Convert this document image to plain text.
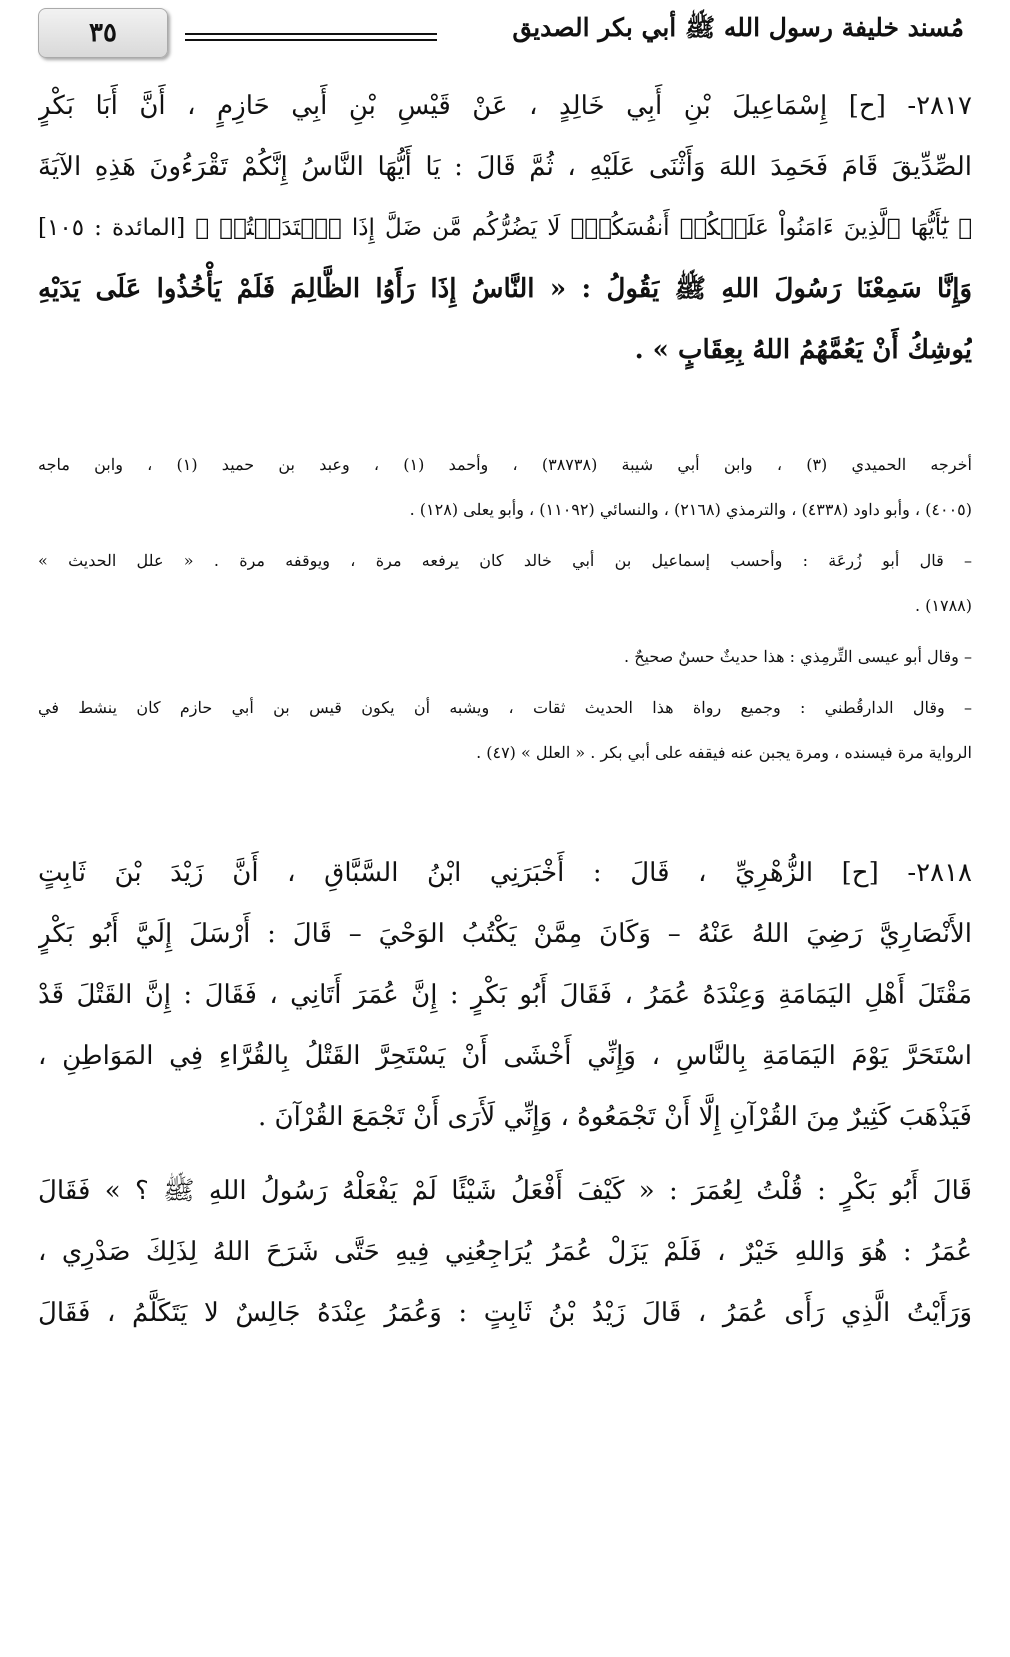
٣٥	مُسند خليفة رسول الله ﷺ أبي بكر الصديق
٢٨١٧- [ح] إِسْمَاعِيلَ بْنِ أَبِي خَالِدٍ ، عَنْ قَيْسِ بْنِ أَبِي حَازِمٍ ، أَنَّ أَبَا بَكْرٍ
الصِّدِّيقَ قَامَ فَحَمِدَ اللهَ وَأَثْنَى عَلَيْهِ ، ثُمَّ قَالَ : يَا أَيُّهَا النَّاسُ إِنَّكُمْ تَقْرَءُونَ هَذِهِ الآيَةَ
﴿ يَٰٓأَيُّهَا ٱلَّذِينَ ءَامَنُواْ عَلَيۡكُمۡ أَنفُسَكُمۡۖ لَا يَضُرُّكُم مَّن ضَلَّ إِذَا ٱهۡتَدَيۡتُمۡ ﴾ [المائدة : ١٠٥]
وَإِنَّا سَمِعْنَا رَسُولَ اللهِ ﷺ يَقُولُ : « النَّاسُ إِذَا رَأَوُا الظَّالِمَ فَلَمْ يَأْخُذُوا عَلَى يَدَيْهِ
يُوشِكُ أَنْ يَعُمَّهُمُ اللهُ بِعِقَابٍ » .
أخرجه الحميدي (٣) ، وابن أبي شيبة (٣٨٧٣٨) ، وأحمد (١) ، وعبد بن حميد (١) ، وابن ماجه
(٤٠٠٥) ، وأبو داود (٤٣٣٨) ، والترمذي (٢١٦٨) ، والنسائي (١١٠٩٢) ، وأبو يعلى (١٢٨) .
– قال أبو زُرعَة : وأحسب إسماعيل بن أبي خالد كان يرفعه مرة ، ويوقفه مرة . « علل الحديث »
(١٧٨٨) .
– وقال أبو عيسى التِّرمِذي : هذا حديثٌ حسنٌ صحيحٌ .
– وقال الدارقُطني : وجميع رواة هذا الحديث ثقات ، ويشبه أن يكون قيس بن أبي حازم كان ينشط في
الرواية مرة فيسنده ، ومرة يجبن عنه فيقفه على أبي بكر . « العلل » (٤٧) .
٢٨١٨- [ح] الزُّهْرِيِّ ، قَالَ : أَخْبَرَنِي ابْنُ السَّبَّاقِ ، أَنَّ زَيْدَ بْنَ ثَابِتٍ
الأَنْصَارِيَّ رَضِيَ اللهُ عَنْهُ – وَكَانَ مِمَّنْ يَكْتُبُ الوَحْيَ – قَالَ : أَرْسَلَ إِلَيَّ أَبُو بَكْرٍ
مَقْتَلَ أَهْلِ اليَمَامَةِ وَعِنْدَهُ عُمَرُ ، فَقَالَ أَبُو بَكْرٍ : إِنَّ عُمَرَ أَتَانِي ، فَقَالَ : إِنَّ القَتْلَ قَدْ
اسْتَحَرَّ يَوْمَ اليَمَامَةِ بِالنَّاسِ ، وَإِنِّي أَخْشَى أَنْ يَسْتَحِرَّ القَتْلُ بِالقُرَّاءِ فِي المَوَاطِنِ ،
فَيَذْهَبَ كَثِيرٌ مِنَ القُرْآنِ إِلَّا أَنْ تَجْمَعُوهُ ، وَإِنِّي لَأَرَى أَنْ تَجْمَعَ القُرْآنَ .
قَالَ أَبُو بَكْرٍ : قُلْتُ لِعُمَرَ : « كَيْفَ أَفْعَلُ شَيْئًا لَمْ يَفْعَلْهُ رَسُولُ اللهِ ﷺ ؟ » فَقَالَ
عُمَرُ : هُوَ وَاللهِ خَيْرٌ ، فَلَمْ يَزَلْ عُمَرُ يُرَاجِعُنِي فِيهِ حَتَّى شَرَحَ اللهُ لِذَلِكَ صَدْرِي ،
وَرَأَيْتُ الَّذِي رَأَى عُمَرُ ، قَالَ زَيْدُ بْنُ ثَابِتٍ : وَعُمَرُ عِنْدَهُ جَالِسٌ لا يَتَكَلَّمُ ، فَقَالَ
